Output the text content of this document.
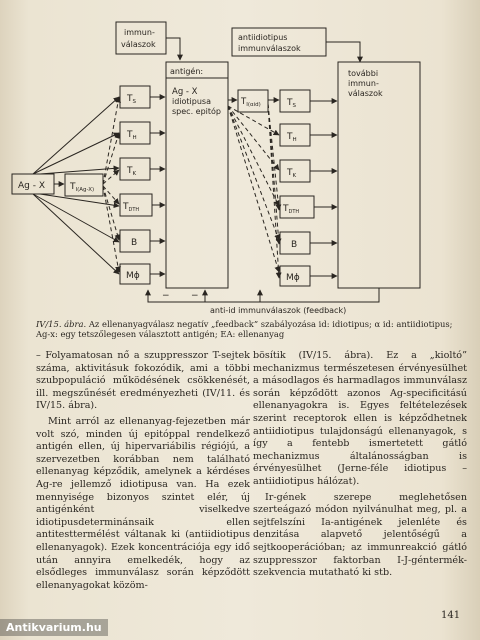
Ag - X	$T_{I(Ag-X)}$
$T_S$
$T_H$
$T_K$
$T_{DTH}$
B
Mϕ
immun-
válaszok
antigén:
Ag - X
idiotipusa
spec. epitóp
$T_{I(\alpha id)}$	$T_S$
$T_H$
$T_K$
$T_{DTH}$
B
Mϕ
antiidiotipus
immunválaszok
további
immun-
válaszok
− −
anti-id immunválaszok (feedback)
IV/15. ábra. Az ellenanyagválasz negatív „feedback” szabályozása id: idiotipus; α id: antiidiotipus; Ag-x: egy tetszőlegesen választott antigén; EA: ellenanyag

– Folyamatosan nő a szuppresszor T-sejtek száma, aktivitásuk fokozódik, ami a többi szubpopuláció működésének csökkenését, ill. megszűnését eredményezheti (IV/11. és IV/15. ábra).

Mint arról az ellenanyag-fejezetben már volt szó, minden új epitóppal rendelkező antigén ellen, új hipervariábilis régiójú, a szervezetben korábban nem található ellenanyag képződik, amelynek a kérdéses Ag-re jellemző idiotipusa van. Ha ezek mennyisége bizonyos szintet elér, új antigénként viselkedve idiotipusdeterminánsaik ellen antitesttermélést váltanak ki (antiidiotipus ellenanyagok). Ezek koncentrációja egy idő után annyira emelkedék, hogy az elsődleges immunválasz során képződött ellenanyagokat közöm-

bösítik (IV/15. ábra). Ez a „kioltó” mechanizmus természetesen érvényesülhet a másodlagos és harmadlagos immunválasz során képződött azonos Ag-specificitású ellenanyagokra is. Egyes feltételezések szerint receptorok ellen is képződhetnek antiidiotipus tulajdonságú ellenanyagok, s így a fentebb ismertetett gátló mechanizmus általánosságban is érvényesülhet (Jerne-féle idiotipus – antiidiotipus hálózat).

Ir-gének szerepe meglehetősen szerteágazó módon nyilvánulhat meg, pl. a sejtfelszíni Ia-antigének jelenléte és denzitása alapvető jelentőségű a sejtkooperációban; az immunreakció gátló szuppresszor faktorban I-J-géntermék-szekvencia mutatható ki stb.

141
Antikvarium.hu
